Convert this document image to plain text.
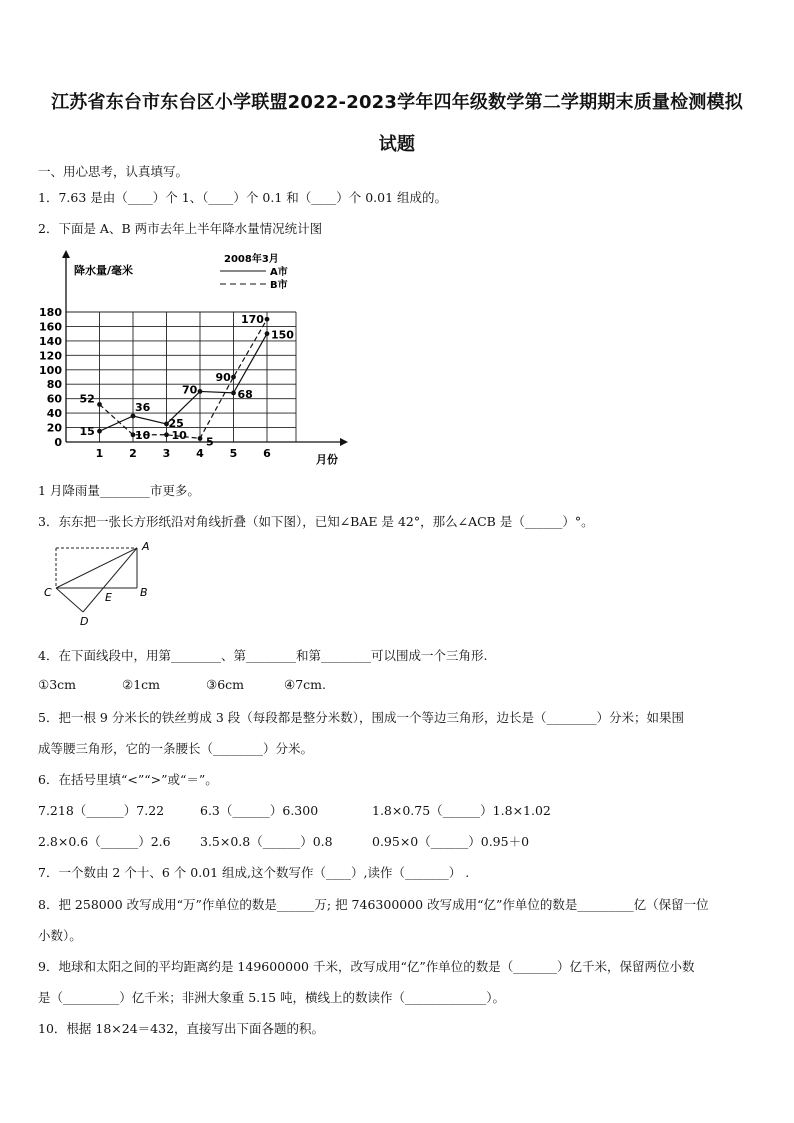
江苏省东台市东台区小学联盟2022-2023学年四年级数学第二学期期末质量检测模拟
试题
一、用心思考，认真填写。
1．7.63 是由（____）个 1、（____）个 0.1 和（____）个 0.01 组成的。
2．下面是 A、B 两市去年上半年降水量情况统计图
0
20
40
60
80
100
120
140
160
180
1 2 3 4 5 6
降水量/毫米
月份
2008年3月
A市
B市
15
36
25
70	68
150
52
10 10
5
90
170
1 月降雨量________市更多。
3．东东把一张长方形纸沿对角线折叠（如下图），已知∠BAE 是 42°，那么∠ACB 是（______）°。
A
B
C
D
E
4．在下面线段中，用第________、第________和第________可以围成一个三角形.
①3cm	②1cm	③6cm	④7cm.
5．把一根 9 分米长的铁丝剪成 3 段（每段都是整分米数），围成一个等边三角形，边长是（________）分米；如果围
成等腰三角形，它的一条腰长（________）分米。
6．在括号里填“<”“>”或“＝”。
7.218（______）7.22	6.3（______）6.300	1.8×0.75（______）1.8×1.02
2.8×0.6（______）2.6 3.5×0.8（______）0.8	0.95×0（______）0.95＋0
7．一个数由 2 个十、6 个 0.01 组成,这个数写作（____）,读作（_______） .
8．把 258000 改写成用“万”作单位的数是______万; 把 746300000 改写成用“亿”作单位的数是_________亿（保留一位
小数）。
9．地球和太阳之间的平均距离约是 149600000 千米，改写成用“亿”作单位的数是（_______）亿千米，保留两位小数
是（_________）亿千米；非洲大象重 5.15 吨，横线上的数读作（_____________）。
10．根据 18×24＝432，直接写出下面各题的积。
